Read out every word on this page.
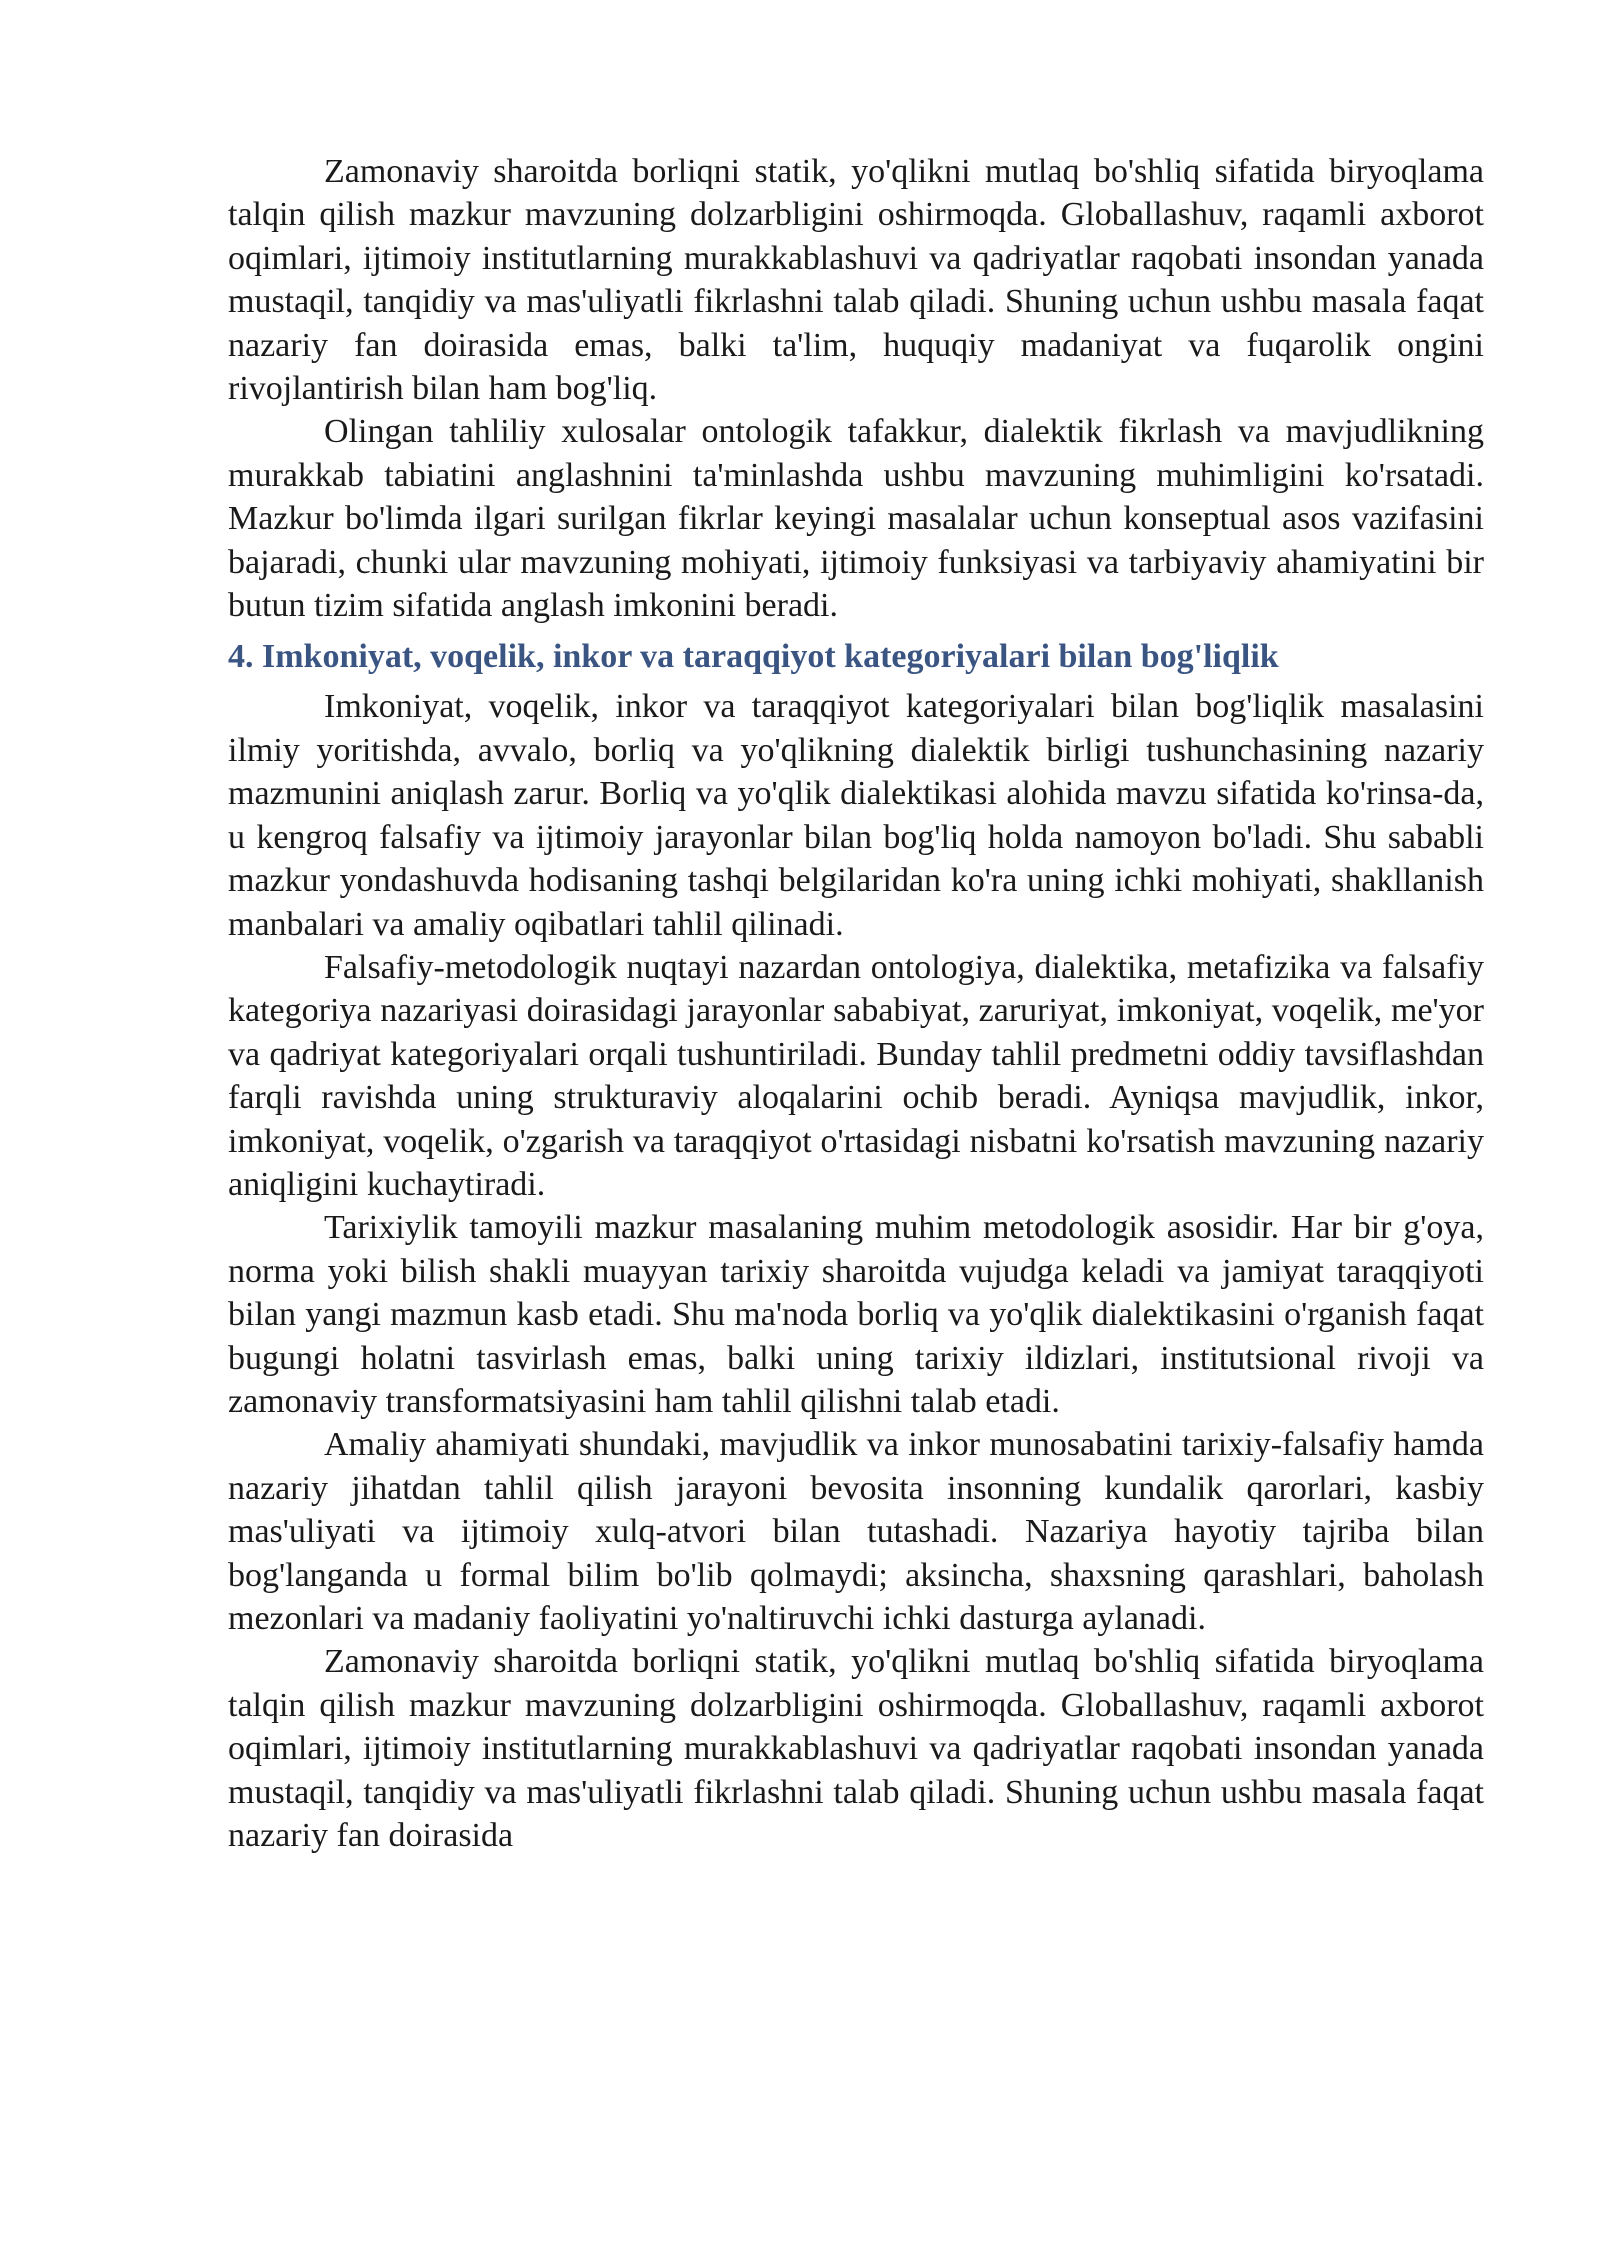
Zamonaviy sharoitda borliqni statik, yo'qlikni mutlaq bo'shliq sifatida biryoqlama talqin qilish mazkur mavzuning dolzarbligini oshirmoqda. Globallashuv, raqamli axborot oqimlari, ijtimoiy institutlarning murakkablashuvi va qadriyatlar raqobati insondan yanada mustaqil, tanqidiy va mas'uliyatli fikrlashni talab qiladi. Shuning uchun ushbu masala faqat nazariy fan doirasida emas, balki ta'lim, huquqiy madaniyat va fuqarolik ongini rivojlantirish bilan ham bog'liq.

Olingan tahliliy xulosalar ontologik tafakkur, dialektik fikrlash va mavjudlikning murakkab tabiatini anglashnini ta'minlashda ushbu mavzuning muhimligini ko'rsatadi. Mazkur bo'limda ilgari surilgan fikrlar keyingi masalalar uchun konseptual asos vazifasini bajaradi, chunki ular mavzuning mohiyati, ijtimoiy funksiyasi va tarbiyaviy ahamiyatini bir butun tizim sifatida anglash imkonini beradi.

4. Imkoniyat, voqelik, inkor va taraqqiyot kategoriyalari bilan bog'liqlik

Imkoniyat, voqelik, inkor va taraqqiyot kategoriyalari bilan bog'liqlik masalasini ilmiy yoritishda, avvalo, borliq va yo'qlikning dialektik birligi tushunchasining nazariy mazmunini aniqlash zarur. Borliq va yo'qlik dialektikasi alohida mavzu sifatida ko'rinsa-da, u kengroq falsafiy va ijtimoiy jarayonlar bilan bog'liq holda namoyon bo'ladi. Shu sababli mazkur yondashuvda hodisaning tashqi belgilaridan ko'ra uning ichki mohiyati, shakllanish manbalari va amaliy oqibatlari tahlil qilinadi.

Falsafiy-metodologik nuqtayi nazardan ontologiya, dialektika, metafizika va falsafiy kategoriya nazariyasi doirasidagi jarayonlar sababiyat, zaruriyat, imkoniyat, voqelik, me'yor va qadriyat kategoriyalari orqali tushuntiriladi. Bunday tahlil predmetni oddiy tavsiflashdan farqli ravishda uning strukturaviy aloqalarini ochib beradi. Ayniqsa mavjudlik, inkor, imkoniyat, voqelik, o'zgarish va taraqqiyot o'rtasidagi nisbatni ko'rsatish mavzuning nazariy aniqligini kuchaytiradi.

Tarixiylik tamoyili mazkur masalaning muhim metodologik asosidir. Har bir g'oya, norma yoki bilish shakli muayyan tarixiy sharoitda vujudga keladi va jamiyat taraqqiyoti bilan yangi mazmun kasb etadi. Shu ma'noda borliq va yo'qlik dialektikasini o'rganish faqat bugungi holatni tasvirlash emas, balki uning tarixiy ildizlari, institutsional rivoji va zamonaviy transformatsiyasini ham tahlil qilishni talab etadi.

Amaliy ahamiyati shundaki, mavjudlik va inkor munosabatini tarixiy-falsafiy hamda nazariy jihatdan tahlil qilish jarayoni bevosita insonning kundalik qarorlari, kasbiy mas'uliyati va ijtimoiy xulq-atvori bilan tutashadi. Nazariya hayotiy tajriba bilan bog'langanda u formal bilim bo'lib qolmaydi; aksincha, shaxsning qarashlari, baholash mezonlari va madaniy faoliyatini yo'naltiruvchi ichki dasturga aylanadi.

Zamonaviy sharoitda borliqni statik, yo'qlikni mutlaq bo'shliq sifatida biryoqlama talqin qilish mazkur mavzuning dolzarbligini oshirmoqda. Globallashuv, raqamli axborot oqimlari, ijtimoiy institutlarning murakkablashuvi va qadriyatlar raqobati insondan yanada mustaqil, tanqidiy va mas'uliyatli fikrlashni talab qiladi. Shuning uchun ushbu masala faqat nazariy fan doirasida
